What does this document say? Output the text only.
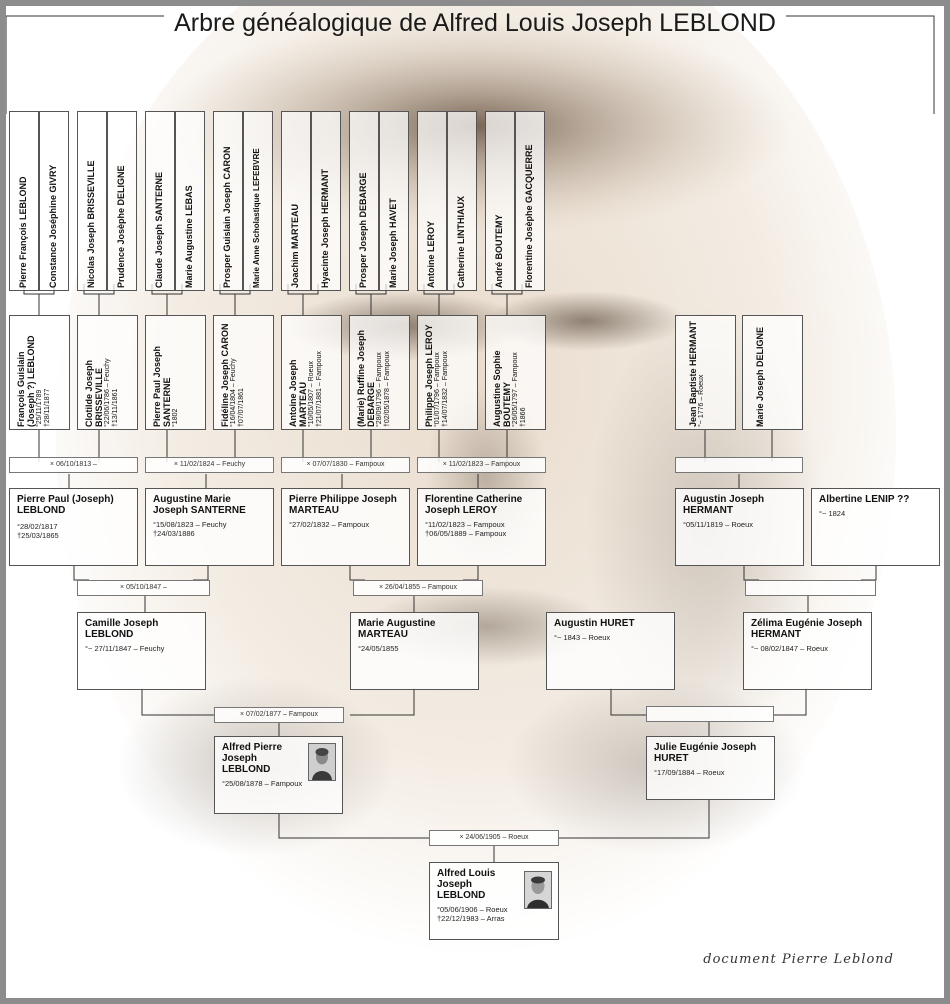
Arbre généalogique de Alfred Louis Joseph LEBLOND
Pierre François LEBLOND Constance Joséphine GIVRY	Nicolas Joseph BRISSEVILLE Prudence Josèphe DELIGNE	Claude Joseph SANTERNE Marie Augustine LEBAS	Prosper Guislain Joseph CARON	Marie Anne Scholastique LEFEBVRE	Joachim MARTEAU Hyacinte Joseph HERMANT	Prosper Joseph DEBARGE Marie Joseph HAVET	Antoine LEROY Catherine LINTHIAUX	André BOUTEMY Florentine Josèphe GACQUERRE
François Guislain (Joseph ?) LEBLOND °25/11/1789 †28/11/1877	Clotilde Joseph BRISSEVILLE °22/06/1786 – Feuchy †13/11/1861	Pierre Paul Joseph SANTERNE °1802	Fidéline Joseph CARON °16/04/1804 – Feuchy †07/07/1861	Antoine Joseph MARTEAU °10/05/1807 – Roeux †21/07/1881 – Fampoux	(Marie) Ruffine Joseph DEBARGE °28/09/1796 – Fampoux †02/05/1878 – Fampoux	Philippe Joseph LEROY °01/07/1796 – Fampoux †14/07/1832 – Fampoux	Augustine Sophie BOUTEMY °26/05/1797 – Fampoux †1866	Jean Baptiste HERMANT °~ 1776 – Roeux	Marie Joseph DELIGNE
× 06/10/1813 –	× 11/02/1824 – Feuchy	× 07/07/1830 – Fampoux	× 11/02/1823 – Fampoux
Pierre Paul (Joseph) LEBLOND
°28/02/1817
†25/03/1865
Augustine Marie Joseph SANTERNE
°15/08/1823 – Feuchy
†24/03/1886
Pierre Philippe Joseph MARTEAU
°27/02/1832 – Fampoux
Florentine Catherine Joseph LEROY
°11/02/1823 – Fampoux
†06/05/1889 – Fampoux
Augustin Joseph HERMANT
°05/11/1819 – Roeux
Albertine LENIP ??
°~ 1824
× 05/10/1847 –	× 26/04/1855 – Fampoux
Camille Joseph LEBLOND
°~ 27/11/1847 – Feuchy
Marie Augustine MARTEAU
°24/05/1855
Augustin HURET
°~ 1843 – Roeux
Zélima Eugénie Joseph HERMANT
°~ 08/02/1847 – Roeux
× 07/02/1877 – Fampoux
Alfred Pierre Joseph LEBLOND
°25/08/1878 – Fampoux
Julie Eugénie Joseph HURET
°17/09/1884 – Roeux
× 24/06/1905 – Roeux
Alfred Louis Joseph LEBLOND
°05/06/1906 – Roeux
†22/12/1983 – Arras
document Pierre Leblond
